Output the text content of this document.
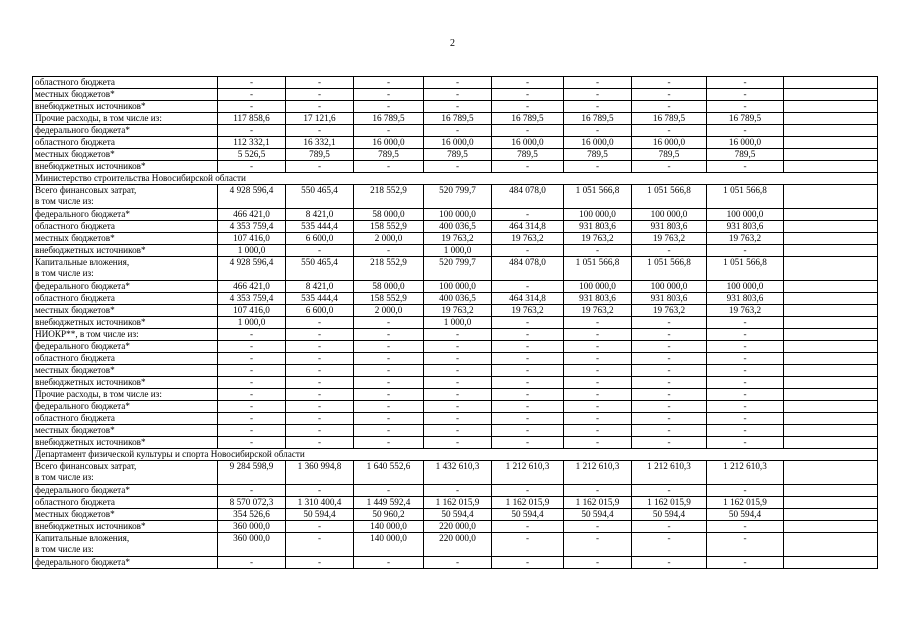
2
областного бюджета	-	-	-	-	-	-	-	-	

местных бюджетов*	-	-	-	-	-	-	-	-	

внебюджетных источников*	-	-	-	-	-	-	-	-	

Прочие расходы, в том числе из:	117 858,6	17 121,6	16 789,5	16 789,5	16 789,5	16 789,5	16 789,5	16 789,5	

федерального бюджета*	-	-	-	-	-	-	-	-	

областного бюджета	112 332,1	16 332,1	16 000,0	16 000,0	16 000,0	16 000,0	16 000,0	16 000,0	

местных бюджетов*	5 526,5	789,5	789,5	789,5	789,5	789,5	789,5	789,5	

внебюджетных источников*	-	-	-	-	-	-	-	-	
Министерство строительства Новосибирской области									

Всего финансовых затрат,
в том числе из:	4 928 596,4	550 465,4	218 552,9	520 799,7	484 078,0	1 051 566,8	1 051 566,8	1 051 566,8	

федерального бюджета*	466 421,0	8 421,0	58 000,0	100 000,0	-	100 000,0	100 000,0	100 000,0	

областного бюджета	4 353 759,4	535 444,4	158 552,9	400 036,5	464 314,8	931 803,6	931 803,6	931 803,6	

местных бюджетов*	107 416,0	6 600,0	2 000,0	19 763,2	19 763,2	19 763,2	19 763,2	19 763,2	

внебюджетных источников*	1 000,0	-	-	1 000,0	-	-	-	-	

Капитальные вложения,
в том числе из:	4 928 596,4	550 465,4	218 552,9	520 799,7	484 078,0	1 051 566,8	1 051 566,8	1 051 566,8	

федерального бюджета*	466 421,0	8 421,0	58 000,0	100 000,0	-	100 000,0	100 000,0	100 000,0	

областного бюджета	4 353 759,4	535 444,4	158 552,9	400 036,5	464 314,8	931 803,6	931 803,6	931 803,6	

местных бюджетов*	107 416,0	6 600,0	2 000,0	19 763,2	19 763,2	19 763,2	19 763,2	19 763,2	

внебюджетных источников*	1 000,0	-	-	1 000,0	-	-	-	-	

НИОКР**, в том числе из:	-	-	-	-	-	-	-	-	

федерального бюджета*	-	-	-	-	-	-	-	-	

областного бюджета	-	-	-	-	-	-	-	-	

местных бюджетов*	-	-	-	-	-	-	-	-	

внебюджетных источников*	-	-	-	-	-	-	-	-	

Прочие расходы, в том числе из:	-	-	-	-	-	-	-	-	

федерального бюджета*	-	-	-	-	-	-	-	-	

областного бюджета	-	-	-	-	-	-	-	-	

местных бюджетов*	-	-	-	-	-	-	-	-	

внебюджетных источников*	-	-	-	-	-	-	-	-	
Департамент физической культуры и спорта Новосибирской области									

Всего финансовых затрат,
в том числе из:	9 284 598,9	1 360 994,8	1 640 552,6	1 432 610,3	1 212 610,3	1 212 610,3	1 212 610,3	1 212 610,3	

федерального бюджета*	-	-	-	-	-	-	-	-	

областного бюджета	8 570 072,3	1 310 400,4	1 449 592,4	1 162 015,9	1 162 015,9	1 162 015,9	1 162 015,9	1 162 015,9	

местных бюджетов*	354 526,6	50 594,4	50 960,2	50 594,4	50 594,4	50 594,4	50 594,4	50 594,4	

внебюджетных источников*	360 000,0	-	140 000,0	220 000,0	-	-	-	-	

Капитальные вложения,
в том числе из:	360 000,0	-	140 000,0	220 000,0	-	-	-	-	

федерального бюджета*	-	-	-	-	-	-	-	-	
